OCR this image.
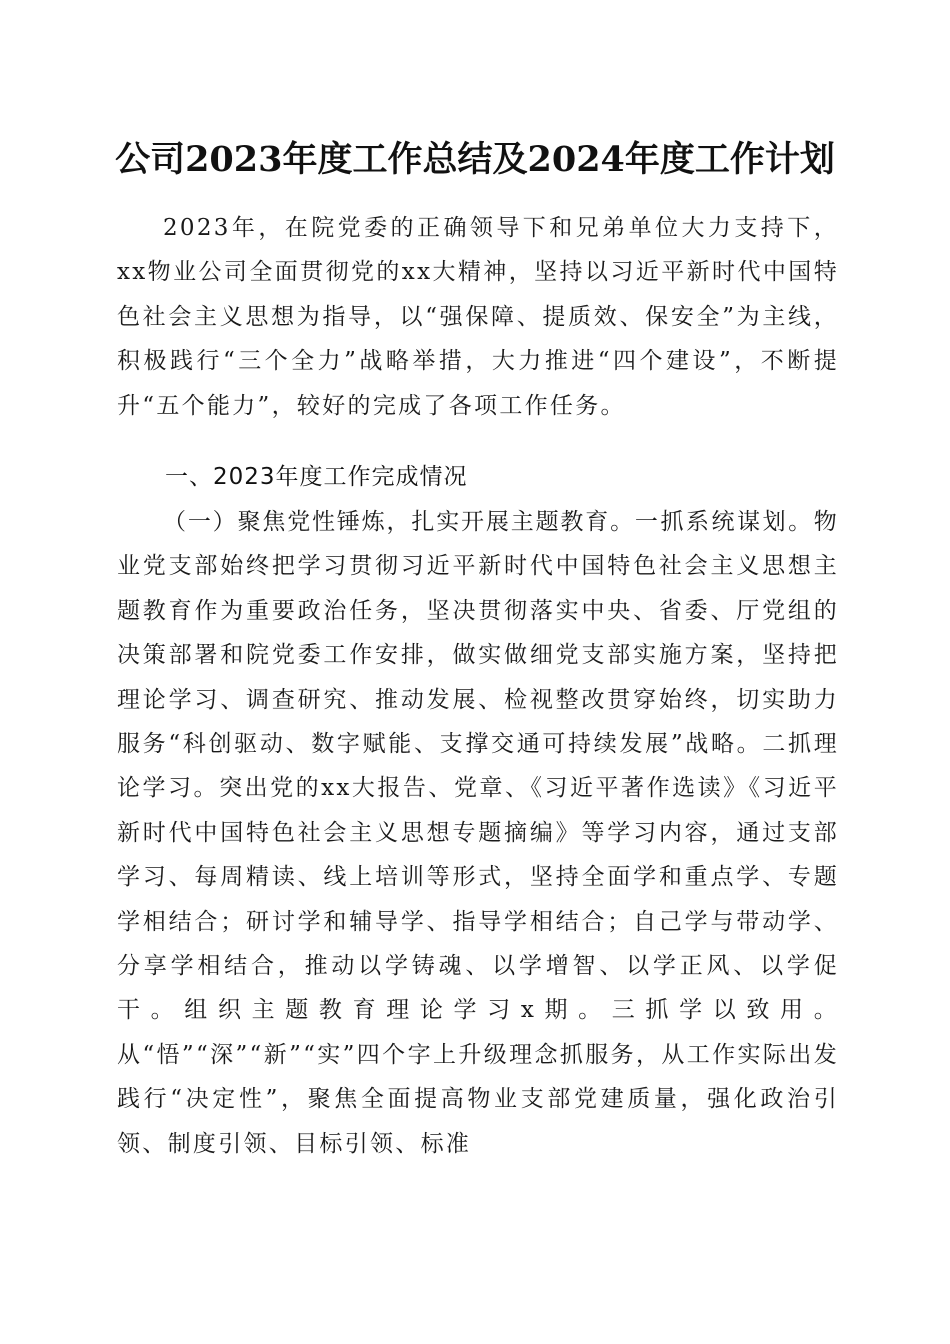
公司2023年度工作总结及2024年度工作计划

2023年，在院党委的正确领导下和兄弟单位大力支持下，xx物业公司全面贯彻党的xx大精神，坚持以习近平新时代中国特色社会主义思想为指导，以“强保障、提质效、保安全”为主线，积极践行“三个全力”战略举措，大力推进“四个建设”，不断提升“五个能力”，较好的完成了各项工作任务。

一、2023年度工作完成情况

（一）聚焦党性锤炼，扎实开展主题教育。一抓系统谋划。物业党支部始终把学习贯彻习近平新时代中国特色社会主义思想主题教育作为重要政治任务，坚决贯彻落实中央、省委、厅党组的决策部署和院党委工作安排，做实做细党支部实施方案，坚持把理论学习、调查研究、推动发展、检视整改贯穿始终，切实助力服务“科创驱动、数字赋能、支撑交通可持续发展”战略。二抓理论学习。突出党的xx大报告、党章、《习近平著作选读》《习近平新时代中国特色社会主义思想专题摘编》等学习内容，通过支部学习、每周精读、线上培训等形式，坚持全面学和重点学、专题学相结合；研讨学和辅导学、指导学相结合；自己学与带动学、分享学相结合，推动以学铸魂、以学增智、以学正风、以学促干。组织主题教育理论学习x期。三抓学以致用。从“悟”“深”“新”“实”四个字上升级理念抓服务，从工作实际出发践行“决定性”，聚焦全面提高物业支部党建质量，强化政治引领、制度引领、目标引领、标准
